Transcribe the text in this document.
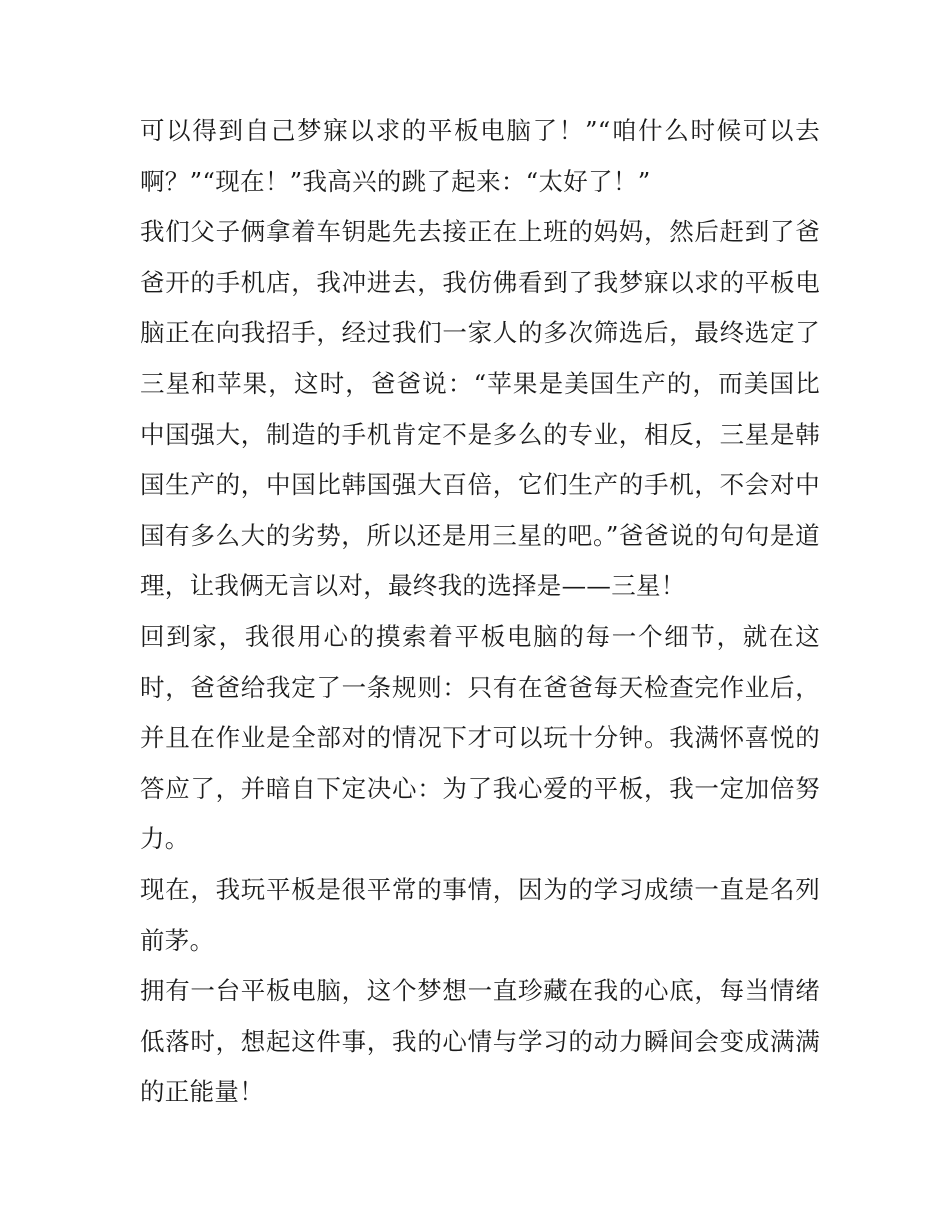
可以得到自己梦寐以求的平板电脑了！”“咱什么时候可以去啊？”“现在！”我高兴的跳了起来：“太好了！”

我们父子俩拿着车钥匙先去接正在上班的妈妈，然后赶到了爸爸开的手机店，我冲进去，我仿佛看到了我梦寐以求的平板电脑正在向我招手，经过我们一家人的多次筛选后，最终选定了三星和苹果，这时，爸爸说：“苹果是美国生产的，而美国比中国强大，制造的手机肯定不是多么的专业，相反，三星是韩国生产的，中国比韩国强大百倍，它们生产的手机，不会对中国有多么大的劣势，所以还是用三星的吧。”爸爸说的句句是道理，让我俩无言以对，最终我的选择是——三星！

回到家，我很用心的摸索着平板电脑的每一个细节，就在这时，爸爸给我定了一条规则：只有在爸爸每天检查完作业后，并且在作业是全部对的情况下才可以玩十分钟。我满怀喜悦的答应了，并暗自下定决心：为了我心爱的平板，我一定加倍努力。

现在，我玩平板是很平常的事情，因为的学习成绩一直是名列前茅。

拥有一台平板电脑，这个梦想一直珍藏在我的心底，每当情绪低落时，想起这件事，我的心情与学习的动力瞬间会变成满满的正能量！
